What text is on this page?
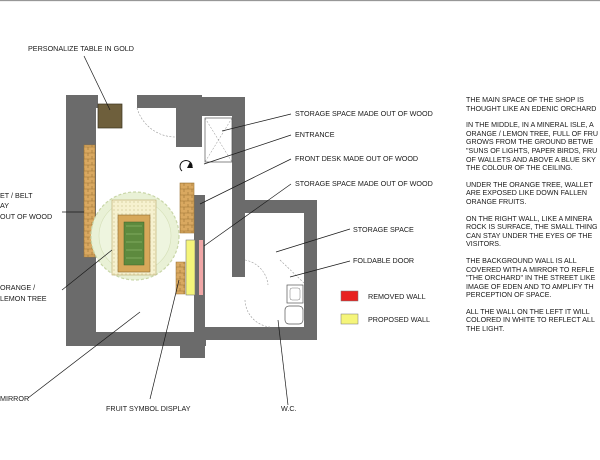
PERSONALIZE TABLE IN GOLD
STORAGE SPACE MADE OUT OF WOOD
ENTRANCE
FRONT DESK MADE OUT OF WOOD
STORAGE SPACE MADE OUT OF WOOD
STORAGE SPACE
FOLDABLE DOOR
ET / BELT
AY
OUT OF WOOD
ORANGE /
LEMON TREE
MIRROR
FRUIT SYMBOL DISPLAY	W.C.
REMOVED WALL
PROPOSED WALL

THE MAIN SPACE OF THE SHOP IS
THOUGHT LIKE AN EDENIC ORCHARD

IN THE MIDDLE, IN A MINERAL ISLE, A
ORANGE / LEMON TREE, FULL OF FRU
GROWS FROM THE GROUND BETWE
"SUNS OF LIGHTS, PAPER BIRDS, FRU
OF WALLETS AND ABOVE A BLUE SKY
THE COLOUR OF THE CEILING.

UNDER THE ORANGE TREE, WALLET
ARE EXPOSED LIKE DOWN FALLEN
ORANGE FRUITS.

ON THE RIGHT WALL, LIKE A MINERA
ROCK IS SURFACE, THE SMALL THING
CAN STAY UNDER THE EYES OF THE
VISITORS.

THE BACKGROUND WALL IS ALL
COVERED WITH A MIRROR TO REFLE
"THE ORCHARD" IN THE STREET LIKE
IMAGE OF EDEN AND TO AMPLIFY TH
PERCEPTION OF SPACE.

ALL THE WALL ON THE LEFT IT WILL
COLORED IN WHITE TO REFLECT ALL
THE LIGHT.
